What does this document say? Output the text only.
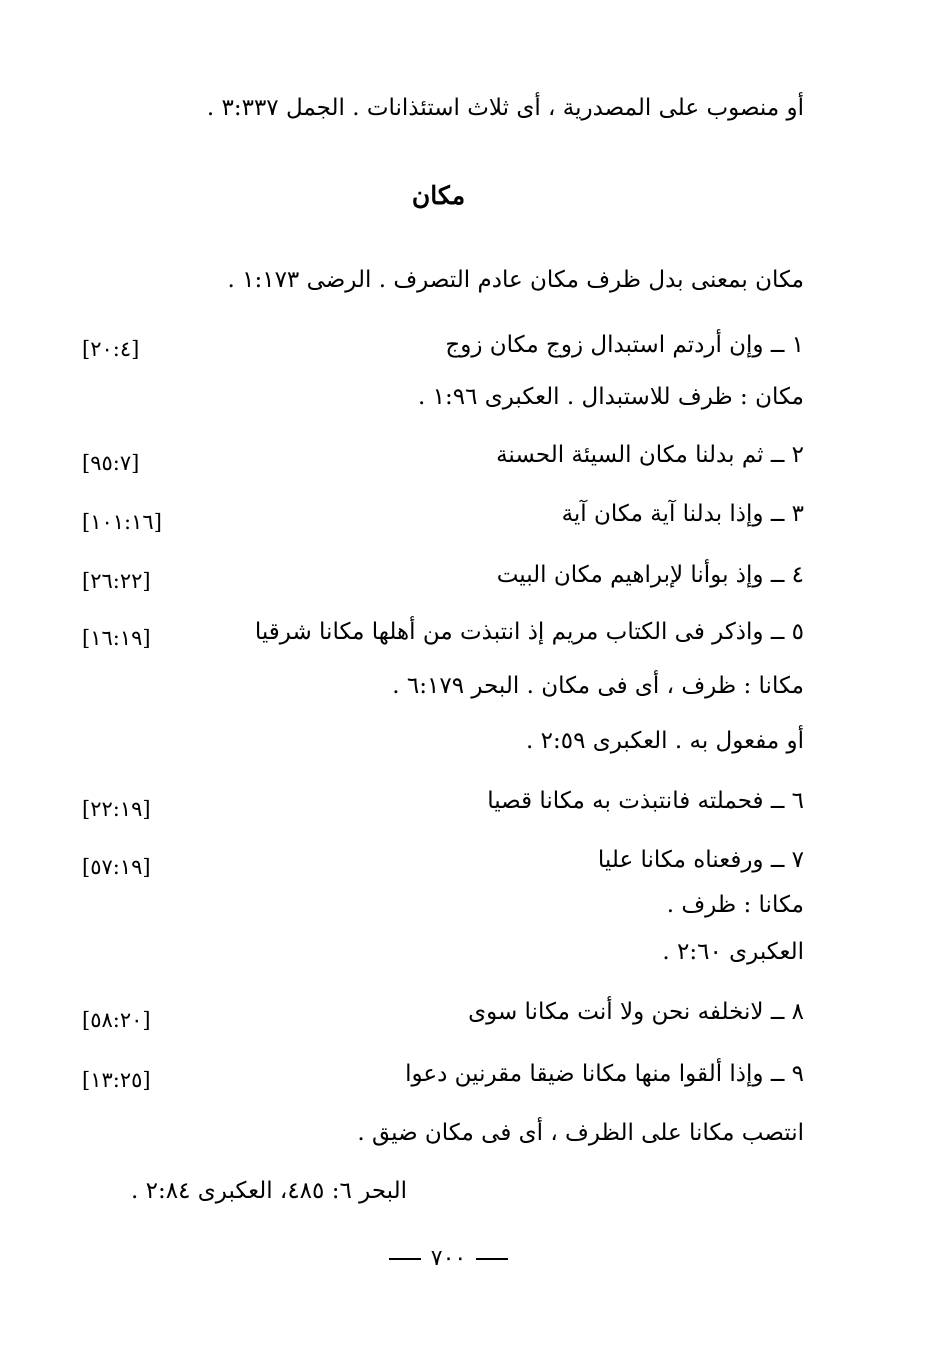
أو منصوب على المصدرية ، أى ثلاث استئذانات . الجمل ٣:٣٣٧ .
مكان
مكان بمعنى بدل ظرف مكان عادم التصرف . الرضى ١:١٧٣ .
١ ــ وإن أردتم استبدال زوج مكان زوج
[٢٠:٤]
مكان : ظرف للاستبدال . العكبرى ١:٩٦ .
٢ ــ ثم بدلنا مكان السيئة الحسنة
[٩٥:٧]
٣ ــ وإذا بدلنا آية مكان آية
[١٠١:١٦]
٤ ــ وإذ بوأنا لإبراهيم مكان البيت
[٢٦:٢٢]
٥ ــ واذكر فى الكتاب مريم إذ انتبذت من أهلها مكانا شرقيا
[١٦:١٩]
مكانا : ظرف ، أى فى مكان . البحر ٦:١٧٩ .
أو مفعول به . العكبرى ٢:٥٩ .
٦ ــ فحملته فانتبذت به مكانا قصيا
[٢٢:١٩]
٧ ــ ورفعناه مكانا عليا
[٥٧:١٩]
مكانا : ظرف .
العكبرى ٢:٦٠ .
٨ ــ لانخلفه نحن ولا أنت مكانا سوى
[٥٨:٢٠]
٩ ــ وإذا ألقوا منها مكانا ضيقا مقرنين دعوا
[١٣:٢٥]
انتصب مكانا على الظرف ، أى فى مكان ضيق .
البحر ٦: ٤٨٥، العكبرى ٢:٨٤ .
٧٠٠
